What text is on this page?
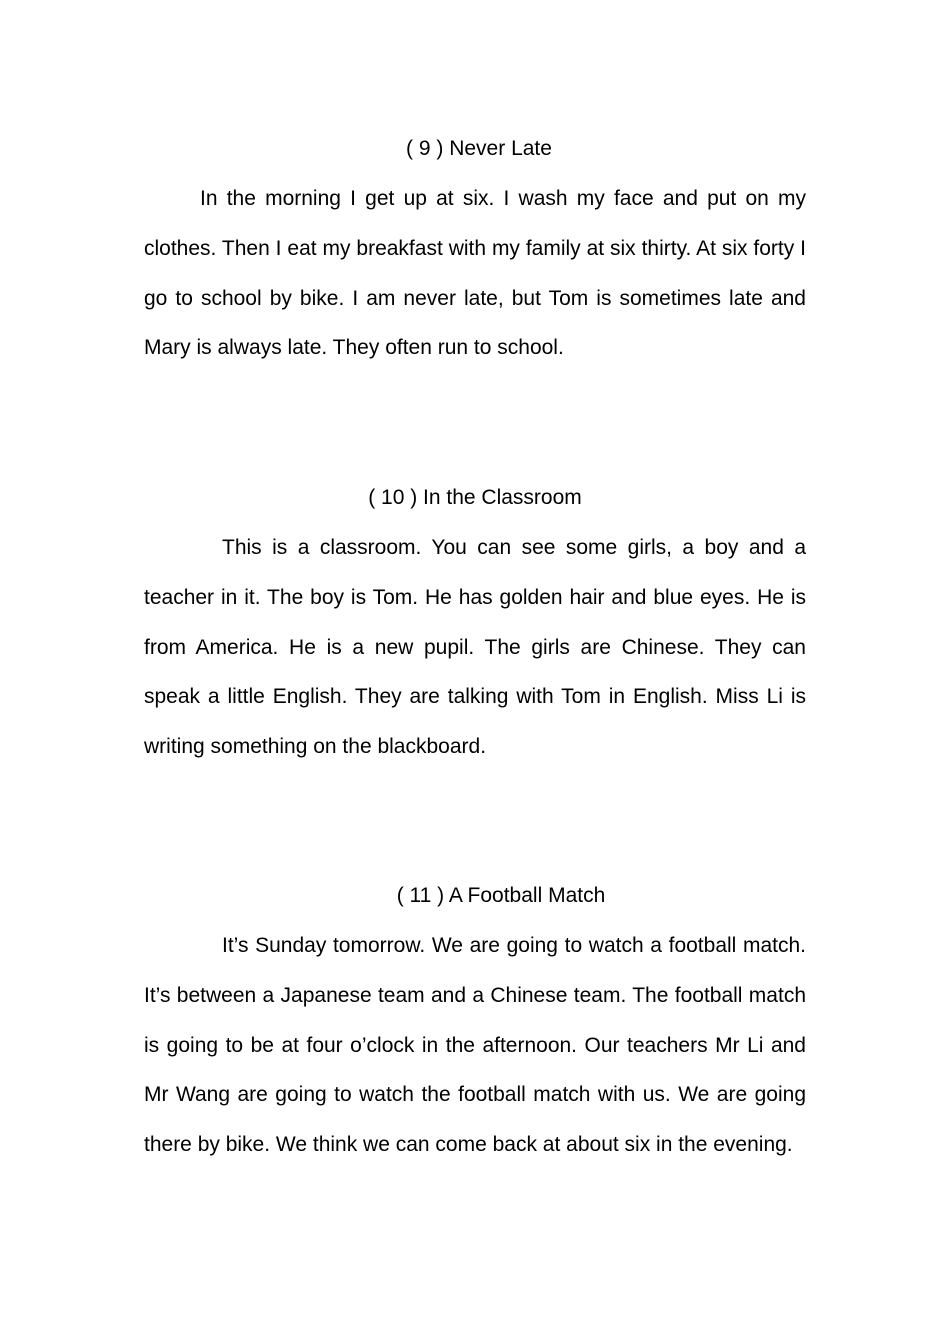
( 9 ) Never Late

In the morning I get up at six. I wash my face and put on my clothes. Then I eat my breakfast with my family at six thirty. At six forty I go to school by bike. I am never late, but Tom is sometimes late and Mary is always late. They often run to school.

( 10 ) In the Classroom

This is a classroom. You can see some girls, a boy and a teacher in it. The boy is Tom. He has golden hair and blue eyes. He is from America. He is a new pupil. The girls are Chinese. They can speak a little English. They are talking with Tom in English. Miss Li is writing something on the blackboard.

( 11 ) A Football Match

It’s Sunday tomorrow. We are going to watch a football match. It’s between a Japanese team and a Chinese team. The football match is going to be at four o’clock in the afternoon. Our teachers Mr Li and Mr Wang are going to watch the football match with us. We are going there by bike. We think we can come back at about six in the evening.
